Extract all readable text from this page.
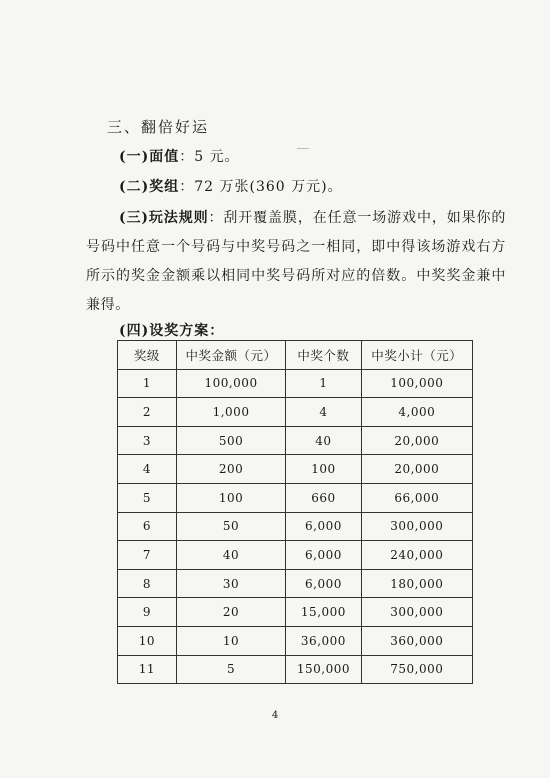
三、翻倍好运
(一)面值：5 元。
(二)奖组：72 万张(360 万元)。
(三)玩法规则：刮开覆盖膜，在任意一场游戏中，如果你的号码中任意一个号码与中奖号码之一相同，即中得该场游戏右方所示的奖金金额乘以相同中奖号码所对应的倍数。中奖奖金兼中兼得。
(四)设奖方案：
奖级	中奖金额（元）	中奖个数	中奖小计（元）
1	100,000	1	100,000
2	1,000	4	4,000
3	500	40	20,000
4	200	100	20,000
5	100	660	66,000
6	50	6,000	300,000
7	40	6,000	240,000
8	30	6,000	180,000
9	20	15,000	300,000
10	10	36,000	360,000
11	5	150,000	750,000
4
